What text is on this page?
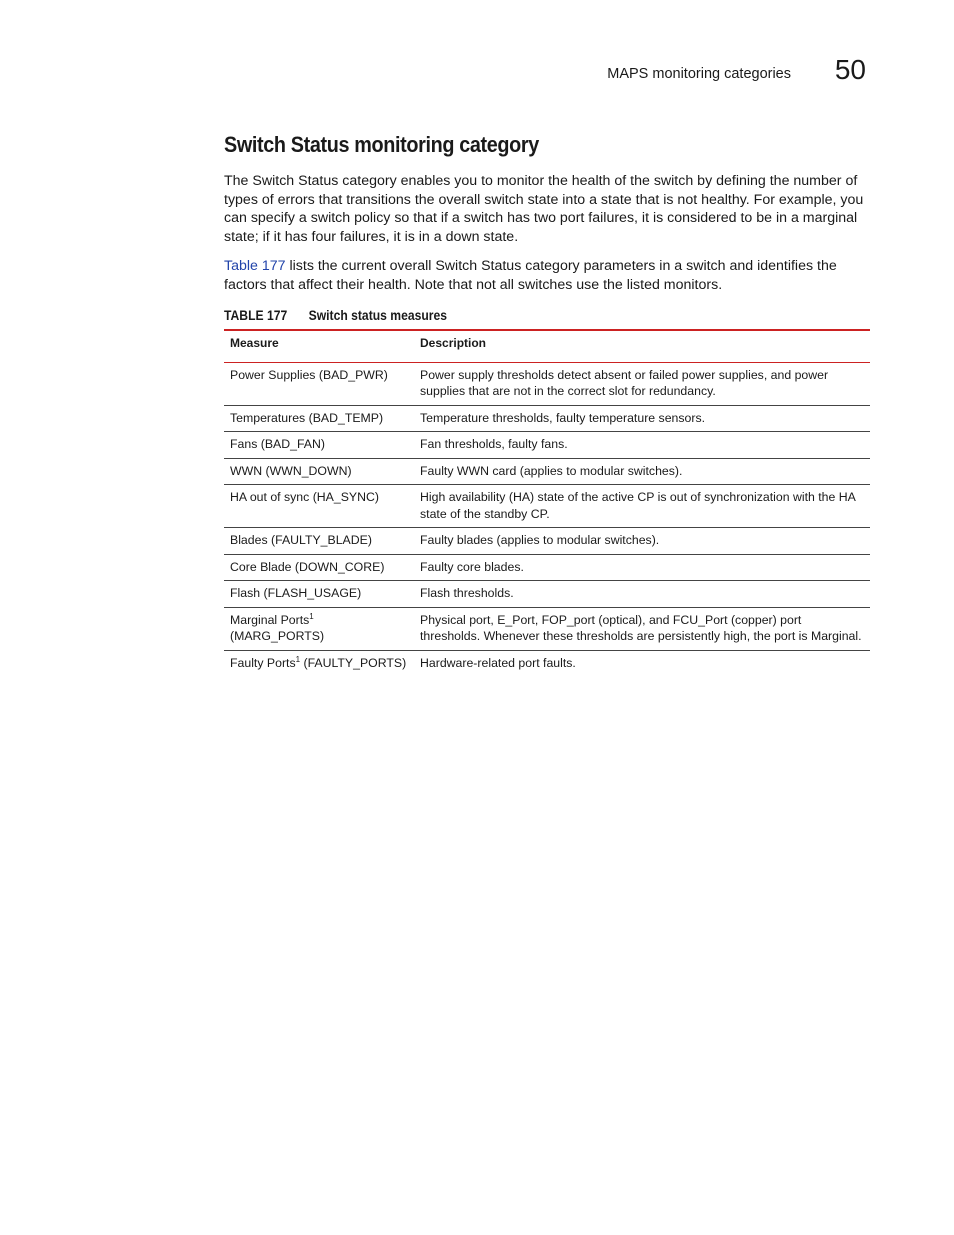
MAPS monitoring categories 50
Switch Status monitoring category

The Switch Status category enables you to monitor the health of the switch by defining the number of types of errors that transitions the overall switch state into a state that is not healthy. For example, you can specify a switch policy so that if a switch has two port failures, it is considered to be in a marginal state; if it has four failures, it is in a down state.

Table 177 lists the current overall Switch Status category parameters in a switch and identifies the factors that affect their health. Note that not all switches use the listed monitors.

TABLE 177	Switch status measures
Measure	Description
Power Supplies (BAD_PWR)	Power supply thresholds detect absent or failed power supplies, and power supplies that are not in the correct slot for redundancy.
Temperatures (BAD_TEMP)	Temperature thresholds, faulty temperature sensors.
Fans (BAD_FAN)	Fan thresholds, faulty fans.
WWN (WWN_DOWN)	Faulty WWN card (applies to modular switches).
HA out of sync (HA_SYNC)	High availability (HA) state of the active CP is out of synchronization with the HA state of the standby CP.
Blades (FAULTY_BLADE)	Faulty blades (applies to modular switches).
Core Blade (DOWN_CORE)	Faulty core blades.
Flash (FLASH_USAGE)	Flash thresholds.
Marginal Ports$^1$ (MARG_PORTS)	Physical port, E_Port, FOP_port (optical), and FCU_Port (copper) port thresholds. Whenever these thresholds are persistently high, the port is Marginal.
Faulty Ports$^1$ (FAULTY_PORTS)	Hardware-related port faults.
